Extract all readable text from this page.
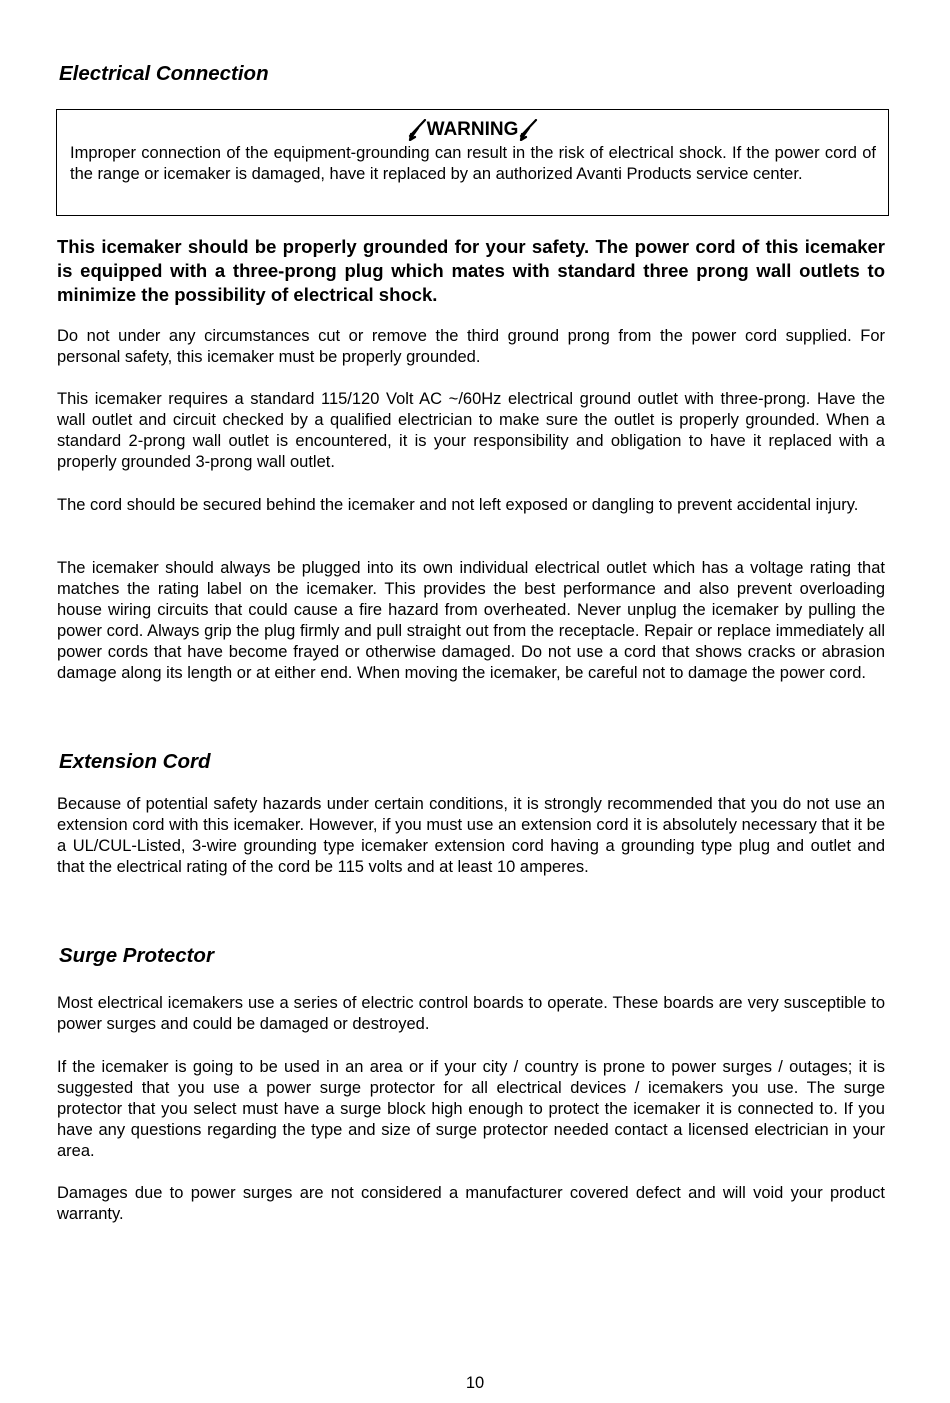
Electrical Connection

This icemaker should be properly grounded for your safety. The power cord of this icemaker is equipped with a three-prong plug which mates with standard three prong wall outlets to minimize the possibility of electrical shock.

Do not under any circumstances cut or remove the third ground prong from the power cord supplied. For personal safety, this icemaker must be properly grounded.

This icemaker requires a standard 115/120 Volt AC ~/60Hz electrical ground outlet with three-prong. Have the wall outlet and circuit checked by a qualified electrician to make sure the outlet is properly grounded. When a standard 2-prong wall outlet is encountered, it is your responsibility and obligation to have it replaced with a properly grounded 3-prong wall outlet.

The cord should be secured behind the icemaker and not left exposed or dangling to prevent accidental injury.

The icemaker should always be plugged into its own individual electrical outlet which has a voltage rating that matches the rating label on the icemaker. This provides the best performance and also prevent overloading house wiring circuits that could cause a fire hazard from overheated. Never unplug the icemaker by pulling the power cord. Always grip the plug firmly and pull straight out from the receptacle. Repair or replace immediately all power cords that have become frayed or otherwise damaged. Do not use a cord that shows cracks or abrasion damage along its length or at either end. When moving the icemaker, be careful not to damage the power cord.

Extension Cord

Because of potential safety hazards under certain conditions, it is strongly recommended that you do not use an extension cord with this icemaker. However, if you must use an extension cord it is absolutely necessary that it be a UL/CUL-Listed, 3-wire grounding type icemaker extension cord having a grounding type plug and outlet and that the electrical rating of the cord be 115 volts and at least 10 amperes.

Surge Protector

Most electrical icemakers use a series of electric control boards to operate. These boards are very susceptible to power surges and could be damaged or destroyed.

If the icemaker is going to be used in an area or if your city / country is prone to power surges / outages; it is suggested that you use a power surge protector for all electrical devices / icemakers you use. The surge protector that you select must have a surge block high enough to protect the icemaker it is connected to. If you have any questions regarding the type and size of surge protector needed contact a licensed electrician in your area.

Damages due to power surges are not considered a manufacturer covered defect and will void your product warranty.

WARNING
Improper connection of the equipment-grounding can result in the risk of electrical shock. If the power cord of the range or icemaker is damaged, have it replaced by an authorized Avanti Products service center.
10
